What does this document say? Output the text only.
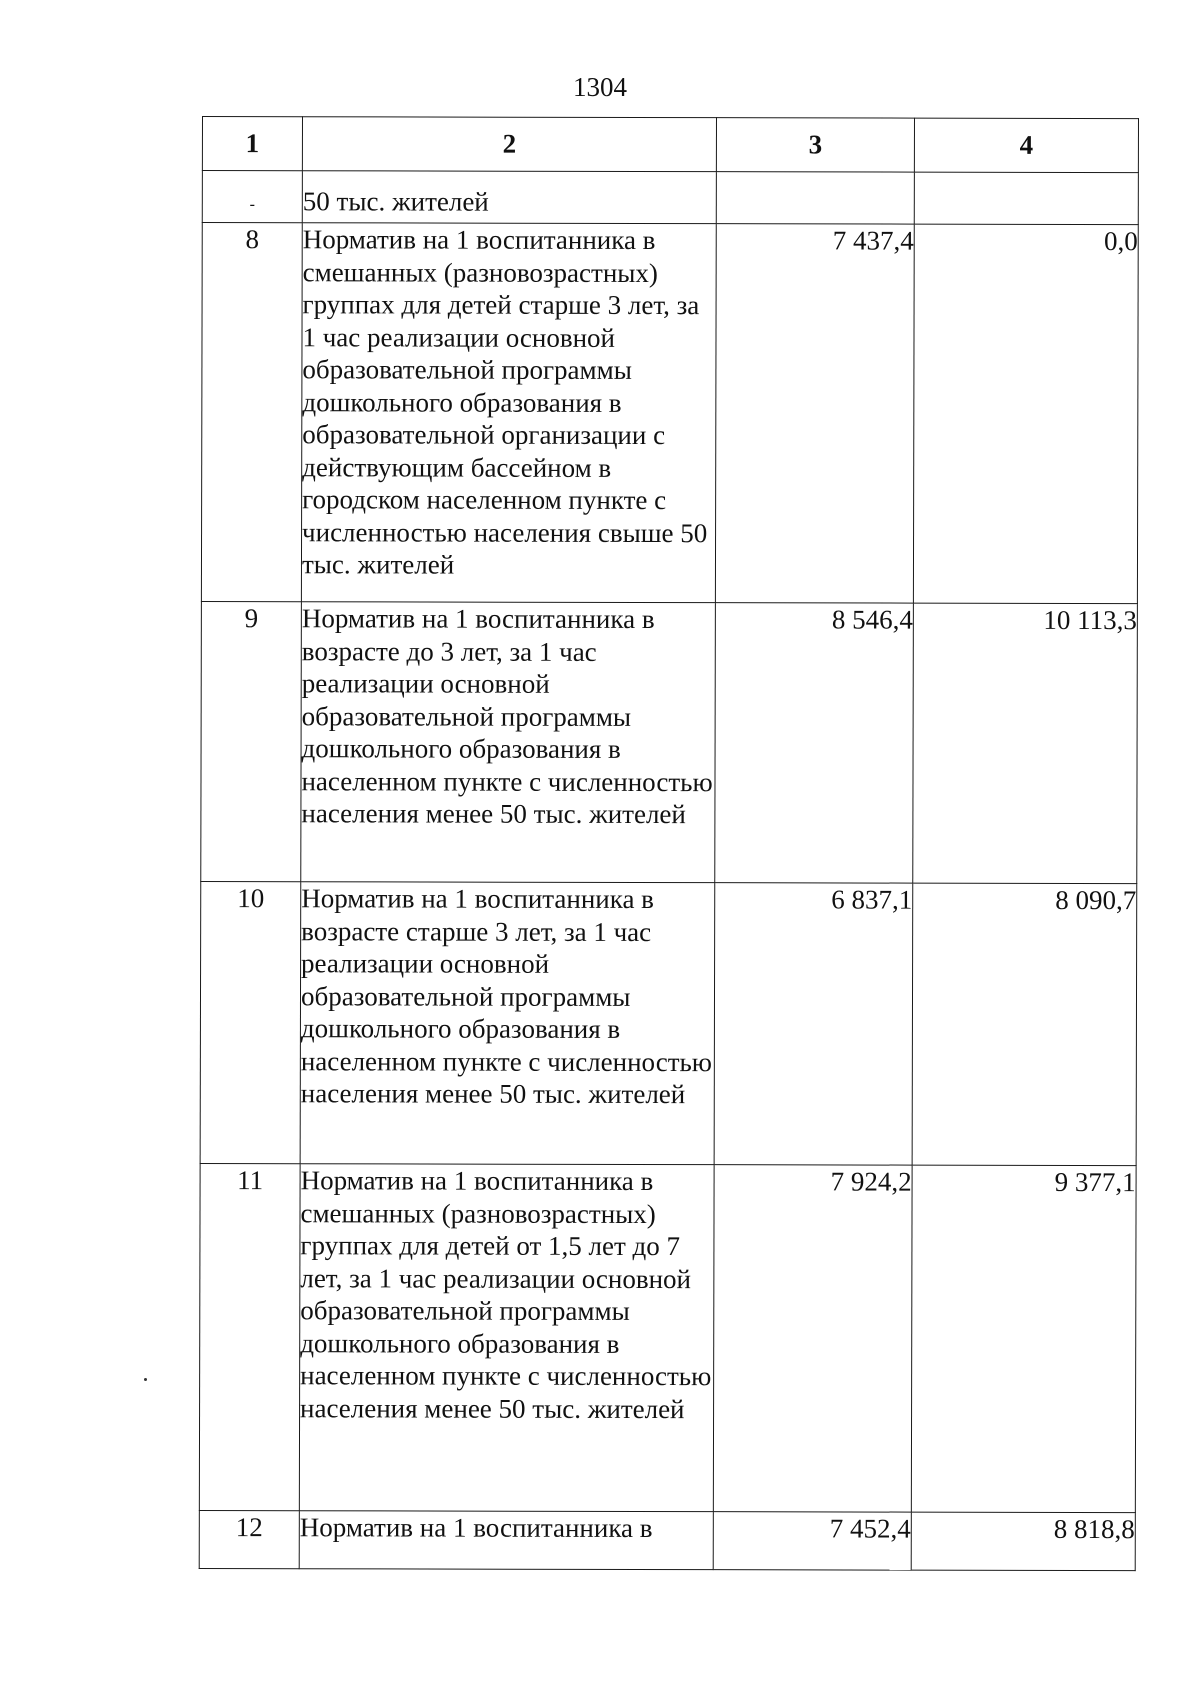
1304
1	2	3	4

-	50 тыс. жителей		
8	Норматив на 1 воспитанника в смешанных (разновозрастных) группах для детей старше 3 лет, за 1 час реализации основной образовательной программы дошкольного образования в образовательной организации с действующим бассейном в городском населенном пункте с численностью населения свыше 50 тыс. жителей	7 437,4	0,0
9	Норматив на 1 воспитанника в возрасте до 3 лет, за 1 час реализации основной образовательной программы дошкольного образования в населенном пункте с численностью населения менее 50 тыс. жителей	8 546,4	10 113,3
10	Норматив на 1 воспитанника в возрасте старше 3 лет, за 1 час реализации основной образовательной программы дошкольного образования в населенном пункте с численностью населения менее 50 тыс. жителей	6 837,1	8 090,7
11	Норматив на 1 воспитанника в смешанных (разновозрастных) группах для детей от 1,5 лет до 7 лет, за 1 час реализации основной образовательной программы дошкольного образования в населенном пункте с численностью населения менее 50 тыс. жителей	7 924,2	9 377,1
12	Норматив на 1 воспитанника в	7 452,4	8 818,8
